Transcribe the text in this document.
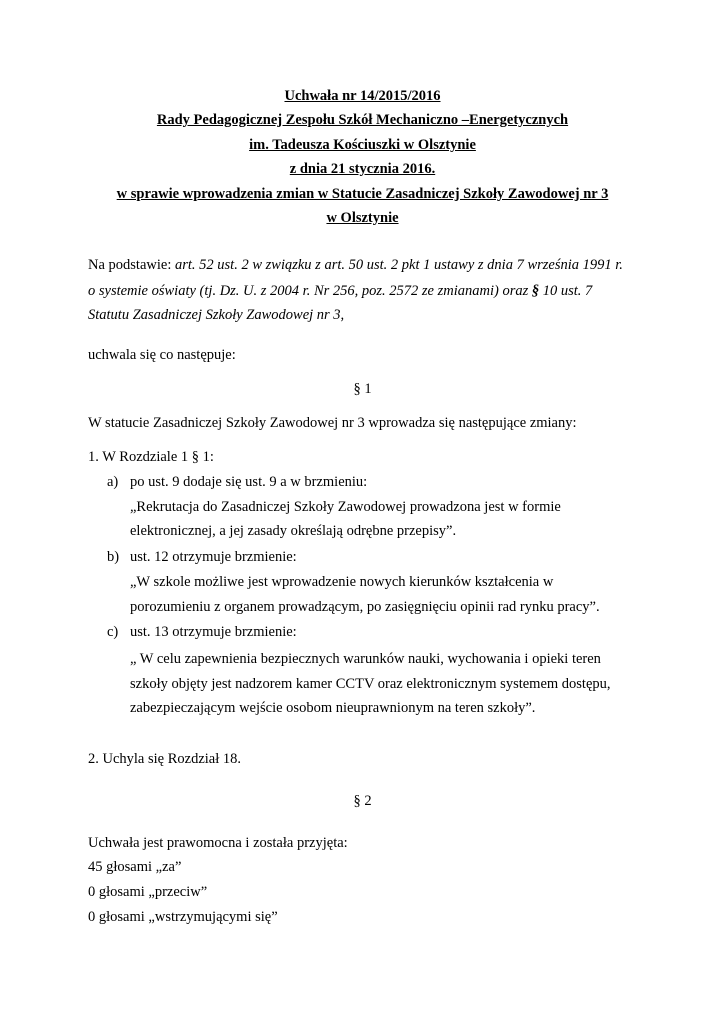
Uchwała nr 14/2015/2016
Rady Pedagogicznej Zespołu Szkół Mechaniczno –Energetycznych
im. Tadeusza Kościuszki w Olsztynie
z dnia 21 stycznia 2016.
w sprawie wprowadzenia zmian w Statucie Zasadniczej Szkoły Zawodowej nr 3
w Olsztynie
Na podstawie: art. 52 ust. 2 w związku z art. 50 ust. 2 pkt 1 ustawy z dnia 7 września 1991 r.
o systemie oświaty (tj. Dz. U. z 2004 r. Nr 256, poz. 2572 ze zmianami) oraz § 10 ust. 7
Statutu Zasadniczej Szkoły Zawodowej nr 3,
uchwala się co następuje:
§ 1
W statucie Zasadniczej Szkoły Zawodowej nr 3 wprowadza się następujące zmiany:
1. W Rozdziale 1 § 1:
a) po ust. 9 dodaje się ust. 9 a w brzmieniu:
„Rekrutacja do Zasadniczej Szkoły Zawodowej prowadzona jest w formie
elektronicznej, a jej zasady określają odrębne przepisy”.
b) ust. 12 otrzymuje brzmienie:
„W szkole możliwe jest wprowadzenie nowych kierunków kształcenia w
porozumieniu z organem prowadzącym, po zasięgnięciu opinii rad rynku pracy”.
c) ust. 13 otrzymuje brzmienie:
„ W celu zapewnienia bezpiecznych warunków nauki, wychowania i opieki teren
szkoły objęty jest nadzorem kamer CCTV oraz elektronicznym systemem dostępu,
zabezpieczającym wejście osobom nieuprawnionym na teren szkoły”.
2. Uchyla się Rozdział 18.
§ 2
Uchwała jest prawomocna i została przyjęta:
45 głosami „za”
0 głosami „przeciw”
0 głosami „wstrzymującymi się”
